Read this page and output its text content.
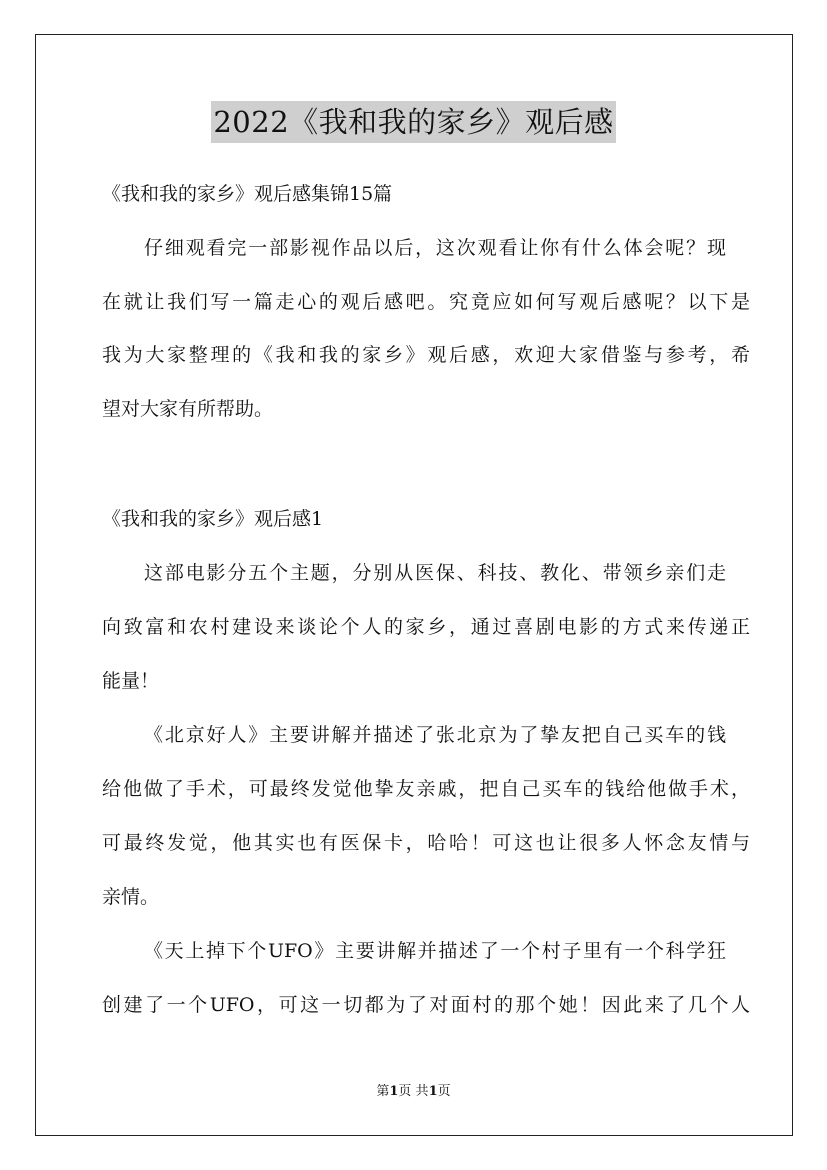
2022《我和我的家乡》观后感
《我和我的家乡》观后感集锦15篇
仔细观看完一部影视作品以后，这次观看让你有什么体会呢？现
在就让我们写一篇走心的观后感吧。究竟应如何写观后感呢？以下是
我为大家整理的《我和我的家乡》观后感，欢迎大家借鉴与参考，希
望对大家有所帮助。
《我和我的家乡》观后感1
这部电影分五个主题，分别从医保、科技、教化、带领乡亲们走
向致富和农村建设来谈论个人的家乡，通过喜剧电影的方式来传递正
能量！
《北京好人》主要讲解并描述了张北京为了挚友把自己买车的钱
给他做了手术，可最终发觉他挚友亲戚，把自己买车的钱给他做手术，
可最终发觉，他其实也有医保卡，哈哈！可这也让很多人怀念友情与
亲情。
《天上掉下个UFO》主要讲解并描述了一个村子里有一个科学狂
创建了一个UFO，可这一切都为了对面村的那个她！因此来了几个人
第1页 共1页
